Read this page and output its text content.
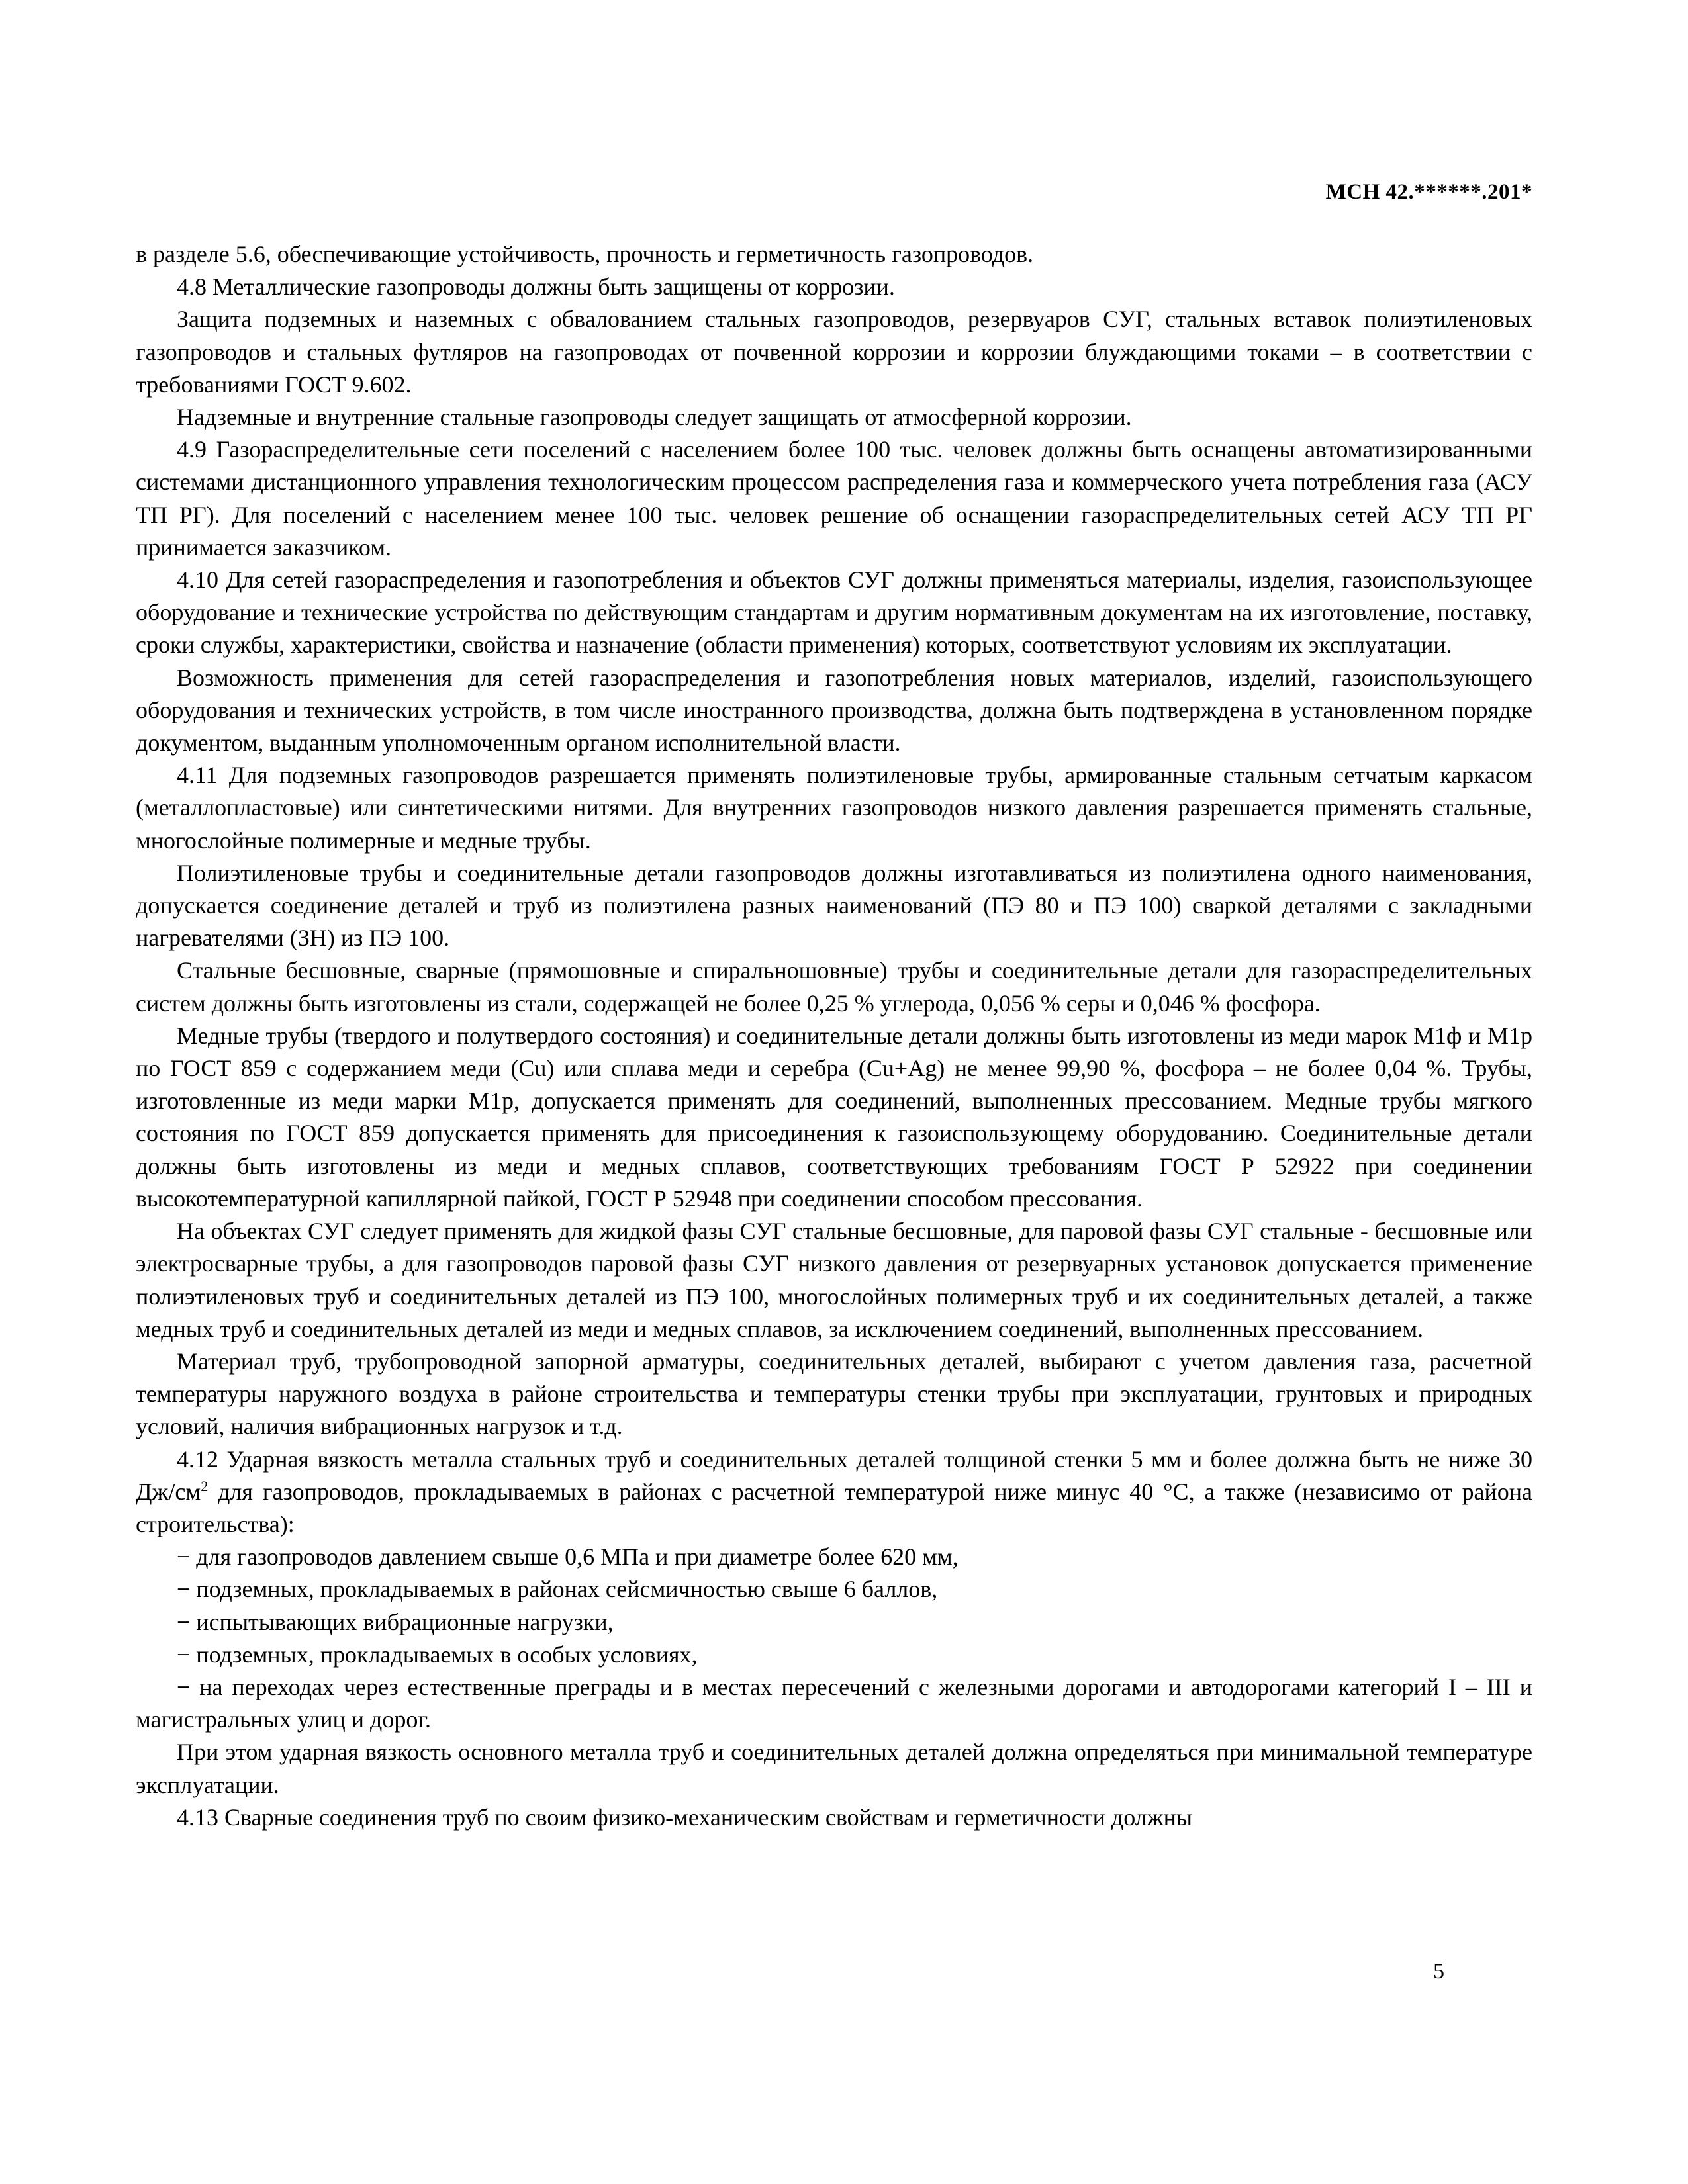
МСН 42.******.201*

в разделе 5.6, обеспечивающие устойчивость, прочность и герметичность газопроводов.

4.8 Металлические газопроводы должны быть защищены от коррозии.

Защита подземных и наземных с обвалованием стальных газопроводов, резервуаров СУГ, стальных вставок полиэтиленовых газопроводов и стальных футляров на газопроводах от почвенной коррозии и коррозии блуждающими токами – в соответствии с требованиями ГОСТ 9.602.

Надземные и внутренние стальные газопроводы следует защищать от атмосферной коррозии.

4.9 Газораспределительные сети поселений с населением более 100 тыс. человек должны быть оснащены автоматизированными системами дистанционного управления технологическим процессом распределения газа и коммерческого учета потребления газа (АСУ ТП РГ). Для поселений с населением менее 100 тыс. человек решение об оснащении газораспределительных сетей АСУ ТП РГ принимается заказчиком.

4.10 Для сетей газораспределения и газопотребления и объектов СУГ должны применяться материалы, изделия, газоиспользующее оборудование и технические устройства по действующим стандартам и другим нормативным документам на их изготовление, поставку, сроки службы, характеристики, свойства и назначение (области применения) которых, соответствуют условиям их эксплуатации.

Возможность применения для сетей газораспределения и газопотребления новых материалов, изделий, газоиспользующего оборудования и технических устройств, в том числе иностранного производства, должна быть подтверждена в установленном порядке документом, выданным уполномоченным органом исполнительной власти.

4.11 Для подземных газопроводов разрешается применять полиэтиленовые трубы, армированные стальным сетчатым каркасом (металлопластовые) или синтетическими нитями. Для внутренних газопроводов низкого давления разрешается применять стальные, многослойные полимерные и медные трубы.

Полиэтиленовые трубы и соединительные детали газопроводов должны изготавливаться из полиэтилена одного наименования, допускается соединение деталей и труб из полиэтилена разных наименований (ПЭ 80 и ПЭ 100) сваркой деталями с закладными нагревателями (ЗН) из ПЭ 100.

Стальные бесшовные, сварные (прямошовные и спиральношовные) трубы и соединительные детали для газораспределительных систем должны быть изготовлены из стали, содержащей не более 0,25 % углерода, 0,056 % серы и 0,046 % фосфора.

Медные трубы (твердого и полутвердого состояния) и соединительные детали должны быть изготовлены из меди марок М1ф и М1р по ГОСТ 859 с содержанием меди (Cu) или сплава меди и серебра (Cu+Ag) не менее 99,90 %, фосфора – не более 0,04 %. Трубы, изготовленные из меди марки М1р, допускается применять для соединений, выполненных прессованием. Медные трубы мягкого состояния по ГОСТ 859 допускается применять для присоединения к газоиспользующему оборудованию. Соединительные детали должны быть изготовлены из меди и медных сплавов, соответствующих требованиям ГОСТ Р 52922 при соединении высокотемпературной капиллярной пайкой, ГОСТ Р 52948 при соединении способом прессования.

На объектах СУГ следует применять для жидкой фазы СУГ стальные бесшовные, для паровой фазы СУГ стальные - бесшовные или электросварные трубы, а для газопроводов паровой фазы СУГ низкого давления от резервуарных установок допускается применение полиэтиленовых труб и соединительных деталей из ПЭ 100, многослойных полимерных труб и их соединительных деталей, а также медных труб и соединительных деталей из меди и медных сплавов, за исключением соединений, выполненных прессованием.

Материал труб, трубопроводной запорной арматуры, соединительных деталей, выбирают с учетом давления газа, расчетной температуры наружного воздуха в районе строительства и температуры стенки трубы при эксплуатации, грунтовых и природных условий, наличия вибрационных нагрузок и т.д.

4.12 Ударная вязкость металла стальных труб и соединительных деталей толщиной стенки 5 мм и более должна быть не ниже 30 $Дж/см^2$ для газопроводов, прокладываемых в районах с расчетной температурой ниже минус 40 °С, а также (независимо от района строительства):

− для газопроводов давлением свыше 0,6 МПа и при диаметре более 620 мм,

− подземных, прокладываемых в районах сейсмичностью свыше 6 баллов,

− испытывающих вибрационные нагрузки,

− подземных, прокладываемых в особых условиях,

− на переходах через естественные преграды и в местах пересечений с железными дорогами и автодорогами категорий I – III и магистральных улиц и дорог.

При этом ударная вязкость основного металла труб и соединительных деталей должна определяться при минимальной температуре эксплуатации.

4.13 Сварные соединения труб по своим физико-механическим свойствам и герметичности должны

5
